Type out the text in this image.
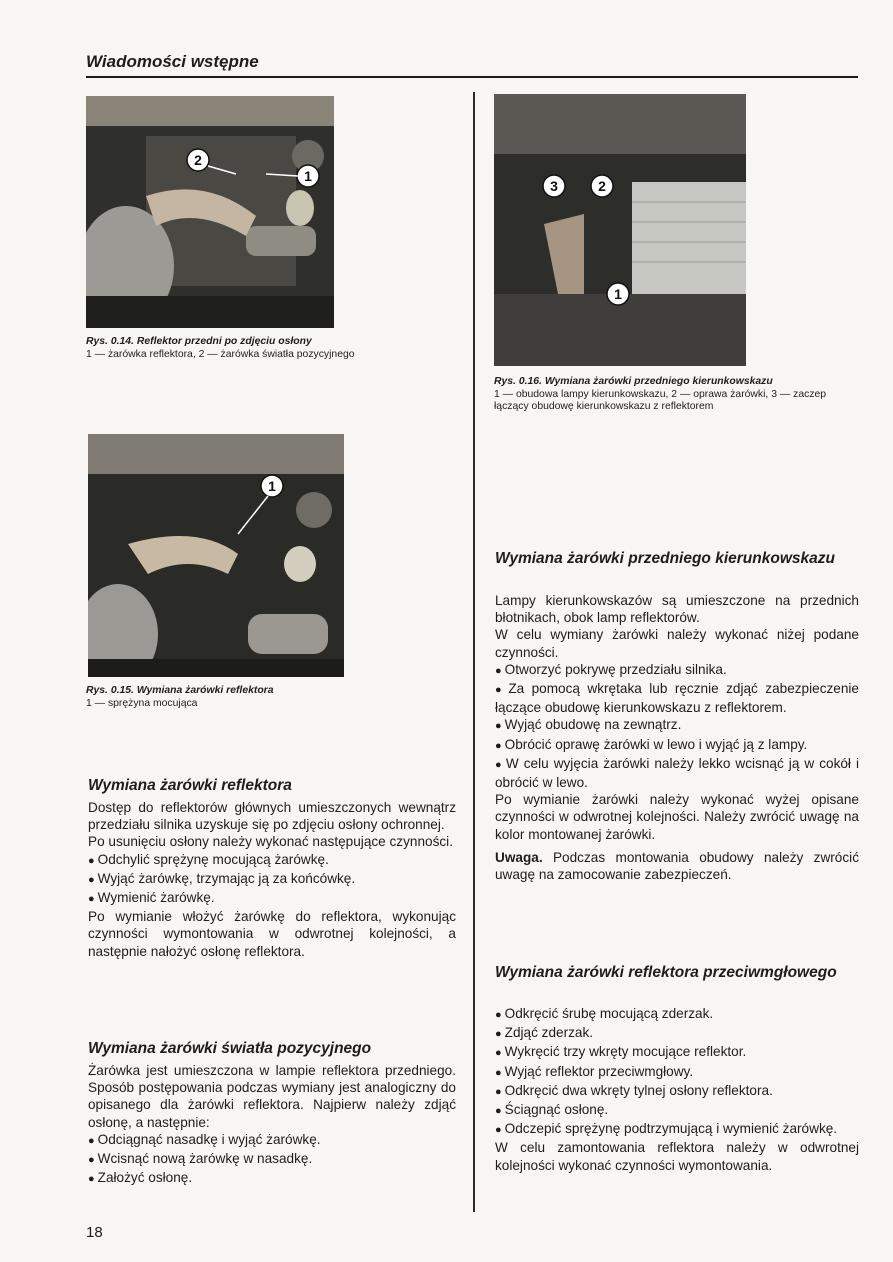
Wiadomości wstępne
2
1
Rys. 0.14. Reflektor przedni po zdjęciu osłony
1 — żarówka reflektora, 2 — żarówka światła pozycyjnego
1
Rys. 0.15. Wymiana żarówki reflektora
1 — sprężyna mocująca
3	2
1
Rys. 0.16. Wymiana żarówki przedniego kierunkowskazu
1 — obudowa lampy kierunkowskazu, 2 — oprawa żarówki, 3 — zaczep łączący obudowę kierunkowskazu z reflektorem
Wymiana żarówki reflektora

Dostęp do reflektorów głównych umieszczonych wewnątrz przedziału silnika uzyskuje się po zdjęciu osłony ochronnej.

Po usunięciu osłony należy wykonać następujące czynności.

● Odchylić sprężynę mocującą żarówkę.

● Wyjąć żarówkę, trzymając ją za końcówkę.

● Wymienić żarówkę.

Po wymianie włożyć żarówkę do reflektora, wykonując czynności wymontowania w odwrotnej kolejności, a następnie nałożyć osłonę reflektora.

Wymiana żarówki światła pozycyjnego

Żarówka jest umieszczona w lampie reflektora przedniego. Sposób postępowania podczas wymiany jest analogiczny do opisanego dla żarówki reflektora. Najpierw należy zdjąć osłonę, a następnie:

● Odciągnąć nasadkę i wyjąć żarówkę.

● Wcisnąć nową żarówkę w nasadkę.

● Założyć osłonę.

Wymiana żarówki przedniego kierunkowskazu

Lampy kierunkowskazów są umieszczone na przednich błotnikach, obok lamp reflektorów.

W celu wymiany żarówki należy wykonać niżej podane czynności.

● Otworzyć pokrywę przedziału silnika.

● Za pomocą wkrętaka lub ręcznie zdjąć zabezpieczenie łączące obudowę kierunkowskazu z reflektorem.

● Wyjąć obudowę na zewnątrz.

● Obrócić oprawę żarówki w lewo i wyjąć ją z lampy.

● W celu wyjęcia żarówki należy lekko wcisnąć ją w cokół i obrócić w lewo.

Po wymianie żarówki należy wykonać wyżej opisane czynności w odwrotnej kolejności. Należy zwrócić uwagę na kolor montowanej żarówki.

Uwaga. Podczas montowania obudowy należy zwrócić uwagę na zamocowanie zabezpieczeń.

Wymiana żarówki reflektora przeciwmgłowego

● Odkręcić śrubę mocującą zderzak.

● Zdjąć zderzak.

● Wykręcić trzy wkręty mocujące reflektor.

● Wyjąć reflektor przeciwmgłowy.

● Odkręcić dwa wkręty tylnej osłony reflektora.

● Ściągnąć osłonę.

● Odczepić sprężynę podtrzymującą i wymienić żarówkę.

W celu zamontowania reflektora należy w odwrotnej kolejności wykonać czynności wymontowania.

18
